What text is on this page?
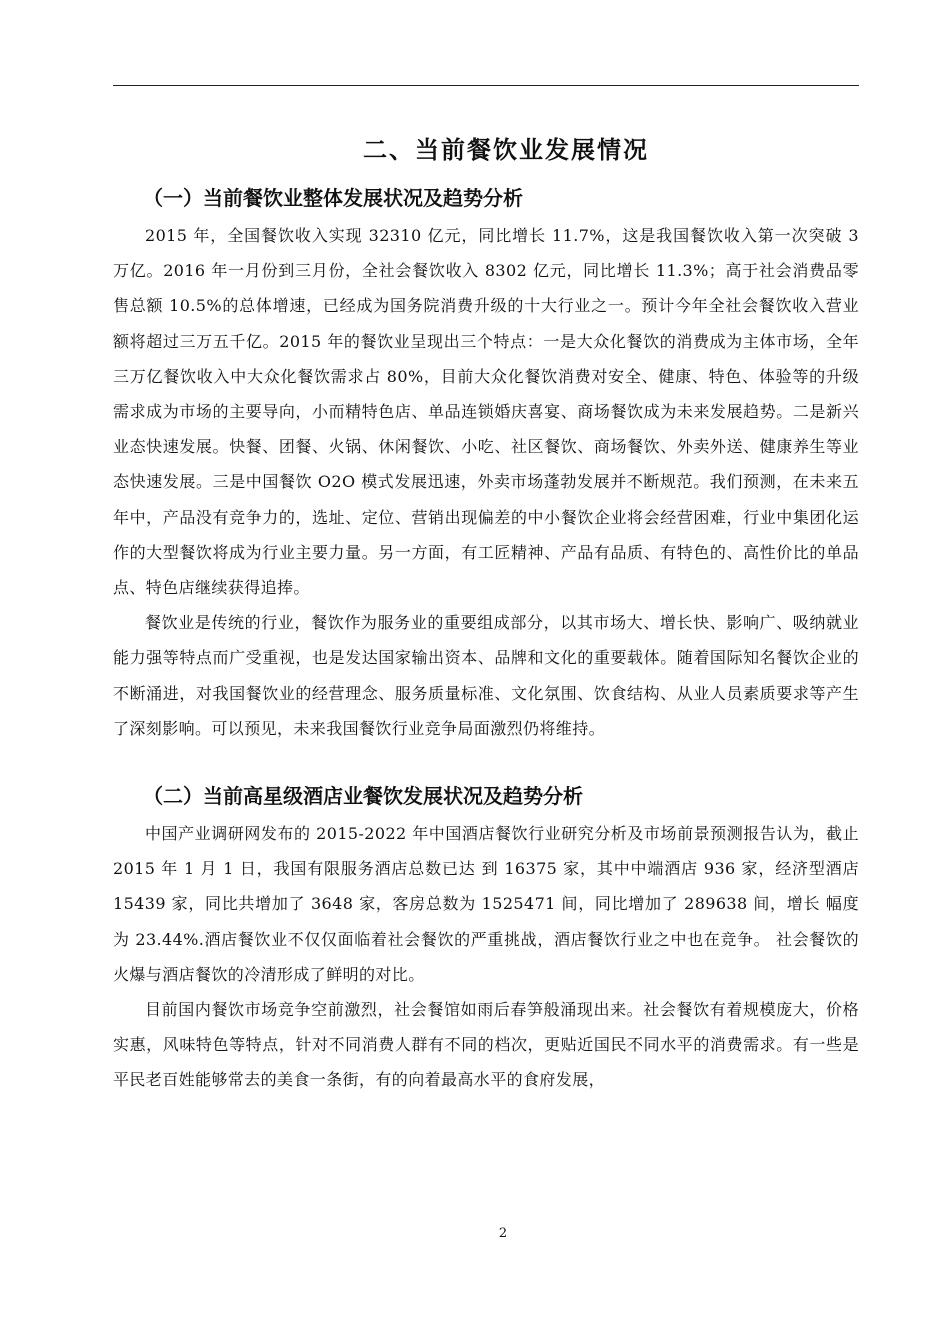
二、当前餐饮业发展情况
（一）当前餐饮业整体发展状况及趋势分析

2015 年，全国餐饮收入实现 32310 亿元，同比增长 11.7%，这是我国餐饮收入第一次突破 3 万亿。2016 年一月份到三月份，全社会餐饮收入 8302 亿元，同比增长 11.3%；高于社会消费品零售总额 10.5%的总体增速，已经成为国务院消费升级的十大行业之一。预计今年全社会餐饮收入营业额将超过三万五千亿。2015 年的餐饮业呈现出三个特点：一是大众化餐饮的消费成为主体市场，全年三万亿餐饮收入中大众化餐饮需求占 80%，目前大众化餐饮消费对安全、健康、特色、体验等的升级需求成为市场的主要导向，小而精特色店、单品连锁婚庆喜宴、商场餐饮成为未来发展趋势。二是新兴业态快速发展。快餐、团餐、火锅、休闲餐饮、小吃、社区餐饮、商场餐饮、外卖外送、健康养生等业态快速发展。三是中国餐饮 O2O 模式发展迅速，外卖市场蓬勃发展并不断规范。我们预测，在未来五年中，产品没有竞争力的，选址、定位、营销出现偏差的中小餐饮企业将会经营困难，行业中集团化运作的大型餐饮将成为行业主要力量。另一方面，有工匠精神、产品有品质、有特色的、高性价比的单品点、特色店继续获得追捧。

餐饮业是传统的行业，餐饮作为服务业的重要组成部分，以其市场大、增长快、影响广、吸纳就业能力强等特点而广受重视，也是发达国家输出资本、品牌和文化的重要载体。随着国际知名餐饮企业的不断涌进，对我国餐饮业的经营理念、服务质量标准、文化氛围、饮食结构、从业人员素质要求等产生了深刻影响。可以预见，未来我国餐饮行业竞争局面激烈仍将维持。

（二）当前高星级酒店业餐饮发展状况及趋势分析

中国产业调研网发布的 2015-2022 年中国酒店餐饮行业研究分析及市场前景预测报告认为，截止 2015 年 1 月 1 日，我国有限服务酒店总数已达 到 16375 家，其中中端酒店 936 家，经济型酒店 15439 家，同比共增加了 3648 家，客房总数为 1525471 间，同比增加了 289638 间，增长 幅度为 23.44%.酒店餐饮业不仅仅面临着社会餐饮的严重挑战，酒店餐饮行业之中也在竞争。 社会餐饮的火爆与酒店餐饮的冷清形成了鲜明的对比。

目前国内餐饮市场竞争空前激烈，社会餐馆如雨后春笋般涌现出来。社会餐饮有着规模庞大，价格实惠，风味特色等特点，针对不同消费人群有不同的档次，更贴近国民不同水平的消费需求。有一些是平民老百姓能够常去的美食一条街，有的向着最高水平的食府发展，

2
